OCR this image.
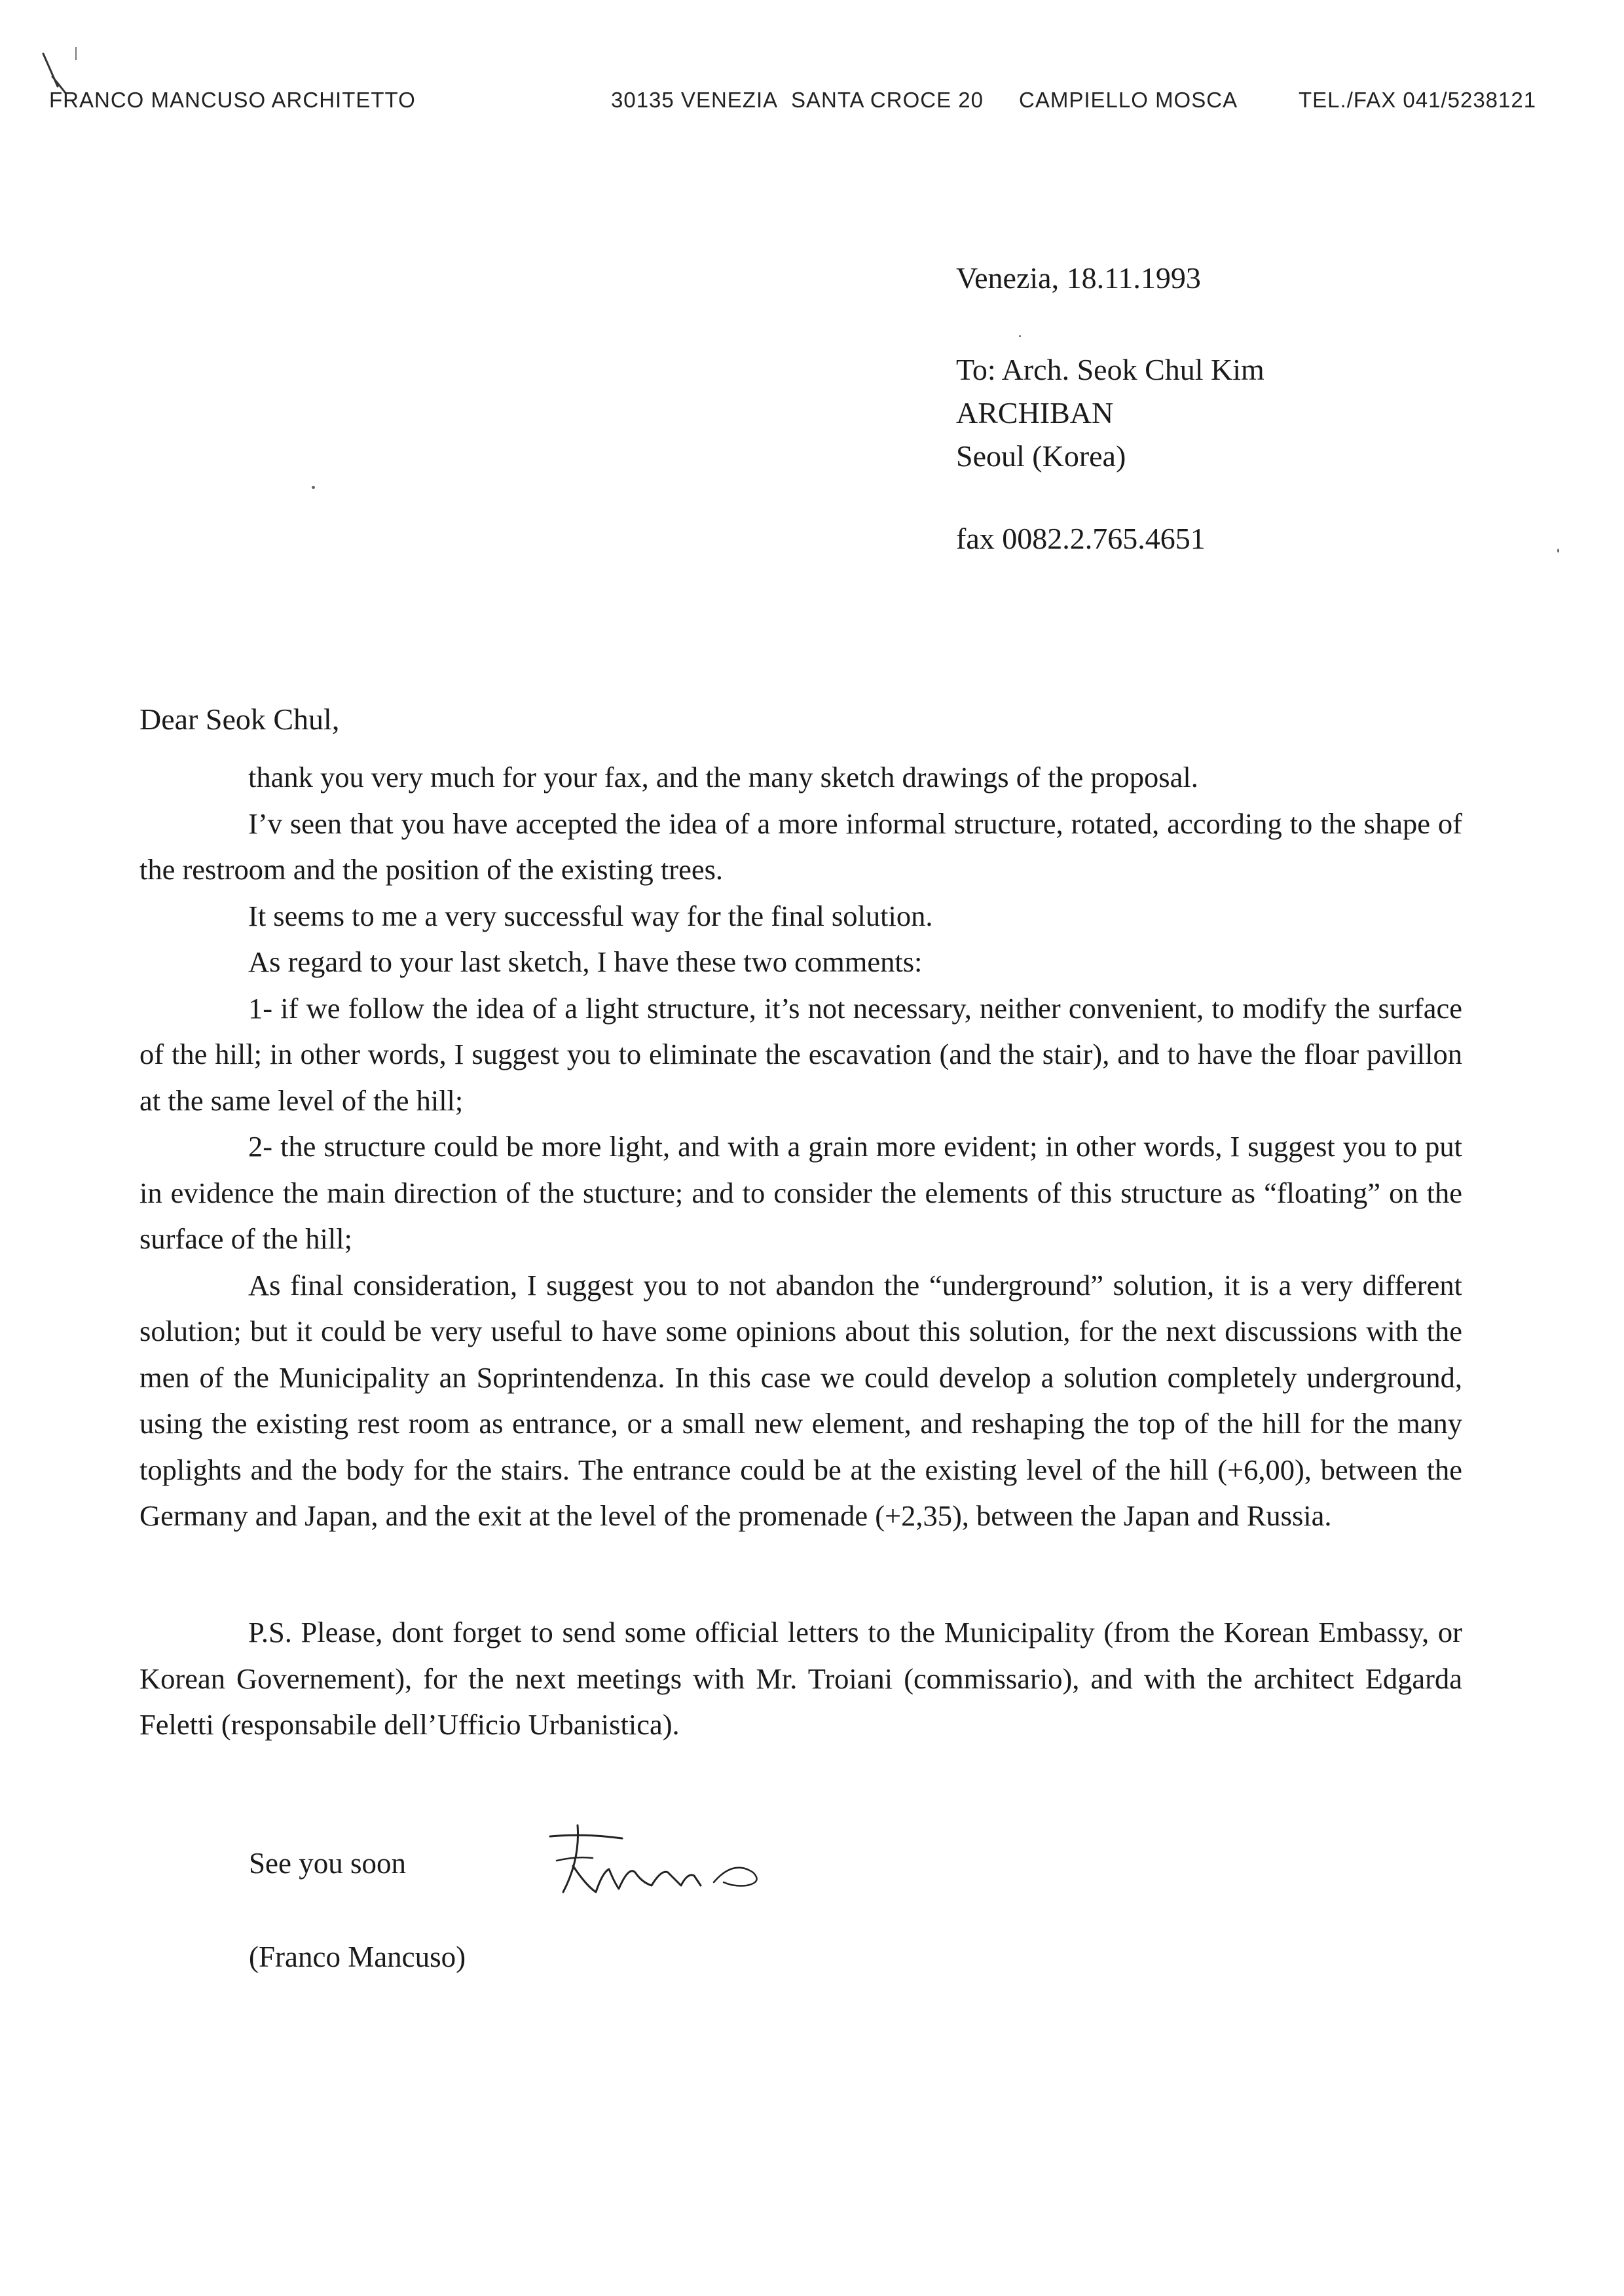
FRANCO MANCUSO ARCHITETTO	30135 VENEZIA SANTA CROCE 20 CAMPIELLO MOSCA	TEL./FAX 041/5238121
Venezia, 18.11.1993
To: Arch. Seok Chul Kim
ARCHIBAN
Seoul (Korea)
fax 0082.2.765.4651
Dear Seok Chul,

thank you very much for your fax, and the many sketch drawings of the proposal.

I’v seen that you have accepted the idea of a more informal structure, rotated, according to the shape of the restroom and the position of the existing trees.

It seems to me a very successful way for the final solution.

As regard to your last sketch, I have these two comments:

1- if we follow the idea of a light structure, it’s not necessary, neither convenient, to modify the surface of the hill; in other words, I suggest you to eliminate the escavation (and the stair), and to have the floar pavillon at the same level of the hill;

2- the structure could be more light, and with a grain more evident; in other words, I suggest you to put in evidence the main direction of the stucture; and to consider the elements of this structure as “floating” on the surface of the hill;

As final consideration, I suggest you to not abandon the “underground” solution, it is a very different solution; but it could be very useful to have some opinions about this solution, for the next discussions with the men of the Municipality an Soprintendenza. In this case we could develop a solution completely underground, using the existing rest room as entrance, or a small new element, and reshaping the top of the hill for the many toplights and the body for the stairs. The entrance could be at the existing level of the hill (+6,00), between the Germany and Japan, and the exit at the level of the promenade (+2,35), between the Japan and Russia.

P.S. Please, dont forget to send some official letters to the Municipality (from the Korean Embassy, or Korean Governement), for the next meetings with Mr. Troiani (commissario), and with the architect Edgarda Feletti (responsabile dell’Ufficio Urbanistica).

See you soon
(Franco Mancuso)
